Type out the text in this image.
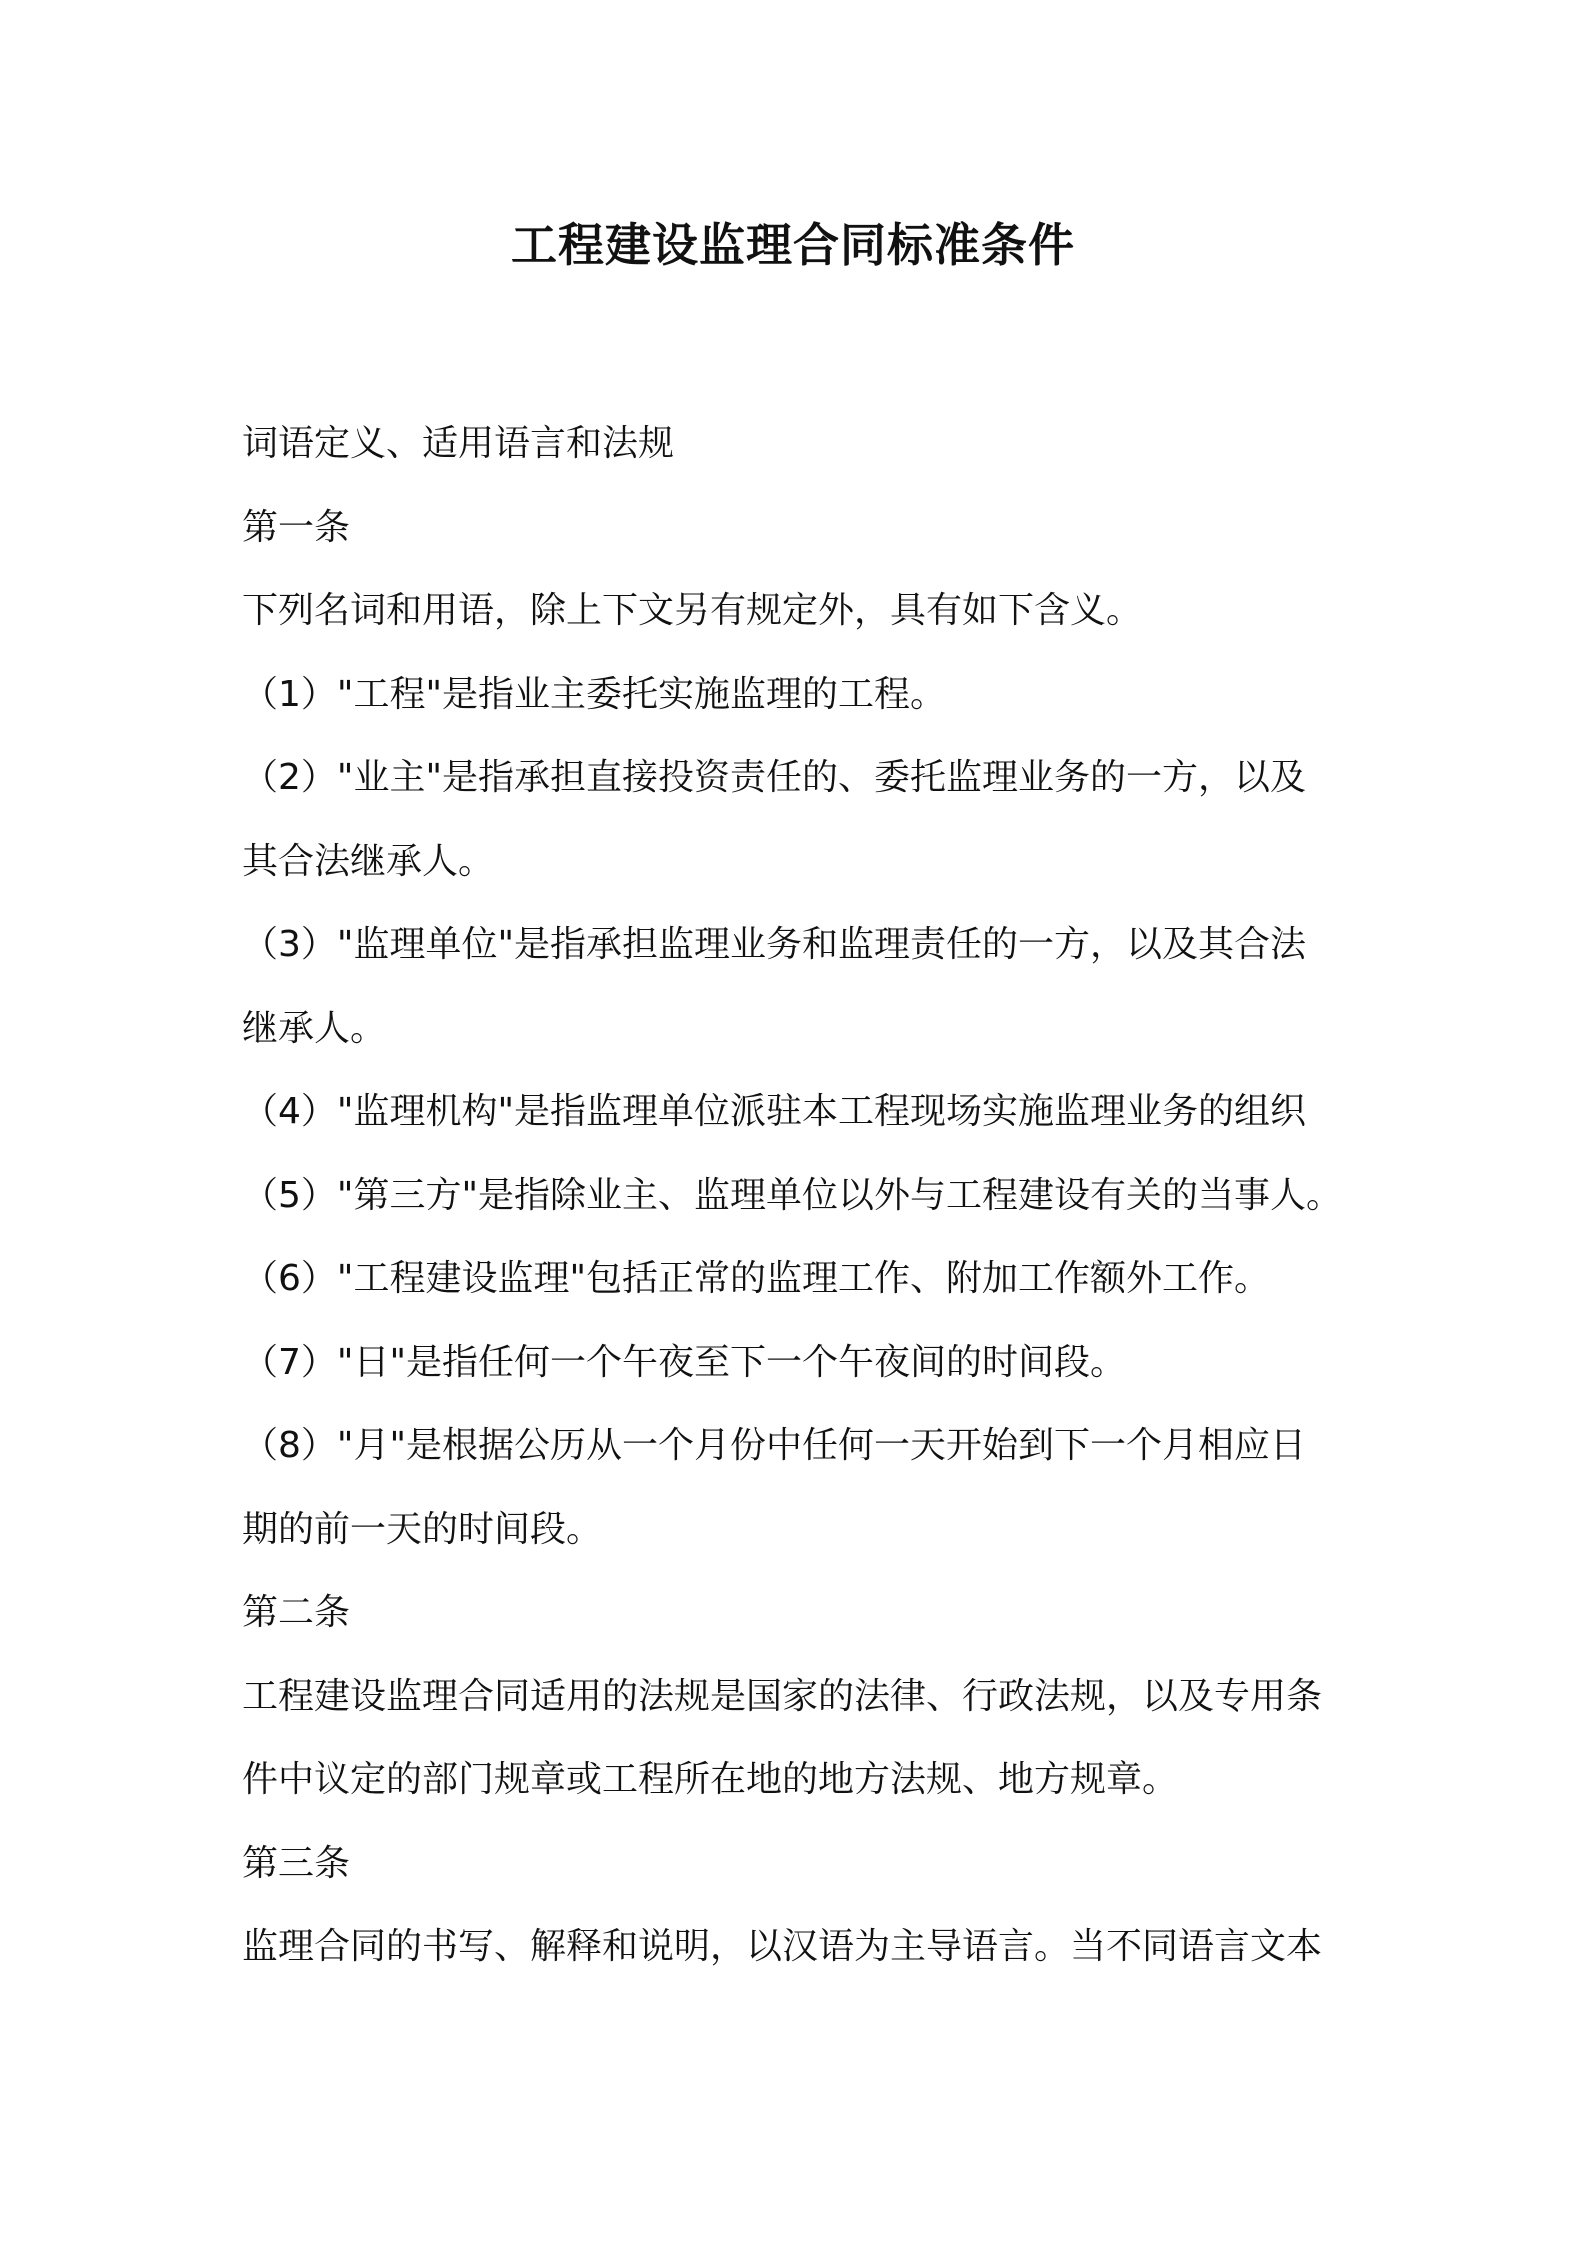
工程建设监理合同标准条件
词语定义、适用语言和法规
第一条
下列名词和用语，除上下文另有规定外，具有如下含义。
（1）"工程"是指业主委托实施监理的工程。
（2）"业主"是指承担直接投资责任的、委托监理业务的一方，以及
其合法继承人。
（3）"监理单位"是指承担监理业务和监理责任的一方，以及其合法
继承人。
（4）"监理机构"是指监理单位派驻本工程现场实施监理业务的组织
（5）"第三方"是指除业主、监理单位以外与工程建设有关的当事人。
（6）"工程建设监理"包括正常的监理工作、附加工作额外工作。
（7）"日"是指任何一个午夜至下一个午夜间的时间段。
（8）"月"是根据公历从一个月份中任何一天开始到下一个月相应日
期的前一天的时间段。
第二条
工程建设监理合同适用的法规是国家的法律、行政法规，以及专用条
件中议定的部门规章或工程所在地的地方法规、地方规章。
第三条
监理合同的书写、解释和说明，以汉语为主导语言。当不同语言文本
